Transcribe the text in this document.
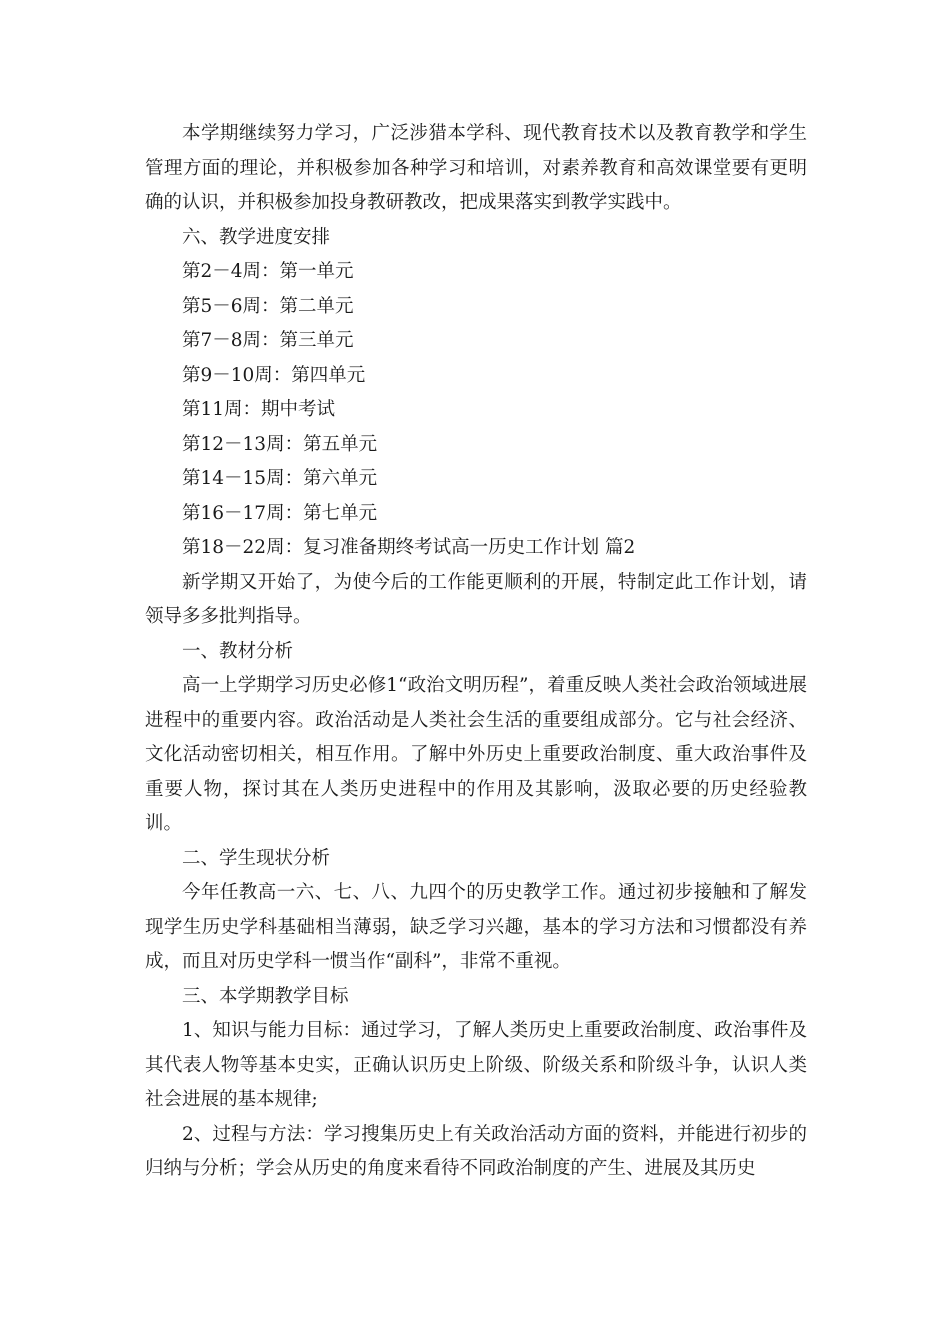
本学期继续努力学习，广泛涉猎本学科、现代教育技术以及教育教学和学生管理方面的理论，并积极参加各种学习和培训，对素养教育和高效课堂要有更明确的认识，并积极参加投身教研教改，把成果落实到教学实践中。

六、教学进度安排

第2－4周：第一单元

第5－6周：第二单元

第7－8周：第三单元

第9－10周：第四单元

第11周：期中考试

第12－13周：第五单元

第14－15周：第六单元

第16－17周：第七单元

第18－22周：复习准备期终考试高一历史工作计划 篇2

新学期又开始了，为使今后的工作能更顺利的开展，特制定此工作计划，请领导多多批判指导。

一、教材分析

高一上学期学习历史必修1“政治文明历程”，着重反映人类社会政治领域进展进程中的重要内容。政治活动是人类社会生活的重要组成部分。它与社会经济、文化活动密切相关，相互作用。了解中外历史上重要政治制度、重大政治事件及重要人物，探讨其在人类历史进程中的作用及其影响，汲取必要的历史经验教训。

二、学生现状分析

今年任教高一六、七、八、九四个的历史教学工作。通过初步接触和了解发现学生历史学科基础相当薄弱，缺乏学习兴趣，基本的学习方法和习惯都没有养成，而且对历史学科一惯当作“副科”，非常不重视。

三、本学期教学目标

1、知识与能力目标：通过学习，了解人类历史上重要政治制度、政治事件及其代表人物等基本史实，正确认识历史上阶级、阶级关系和阶级斗争，认识人类社会进展的基本规律;

2、过程与方法：学习搜集历史上有关政治活动方面的资料，并能进行初步的归纳与分析；学会从历史的角度来看待不同政治制度的产生、进展及其历史
